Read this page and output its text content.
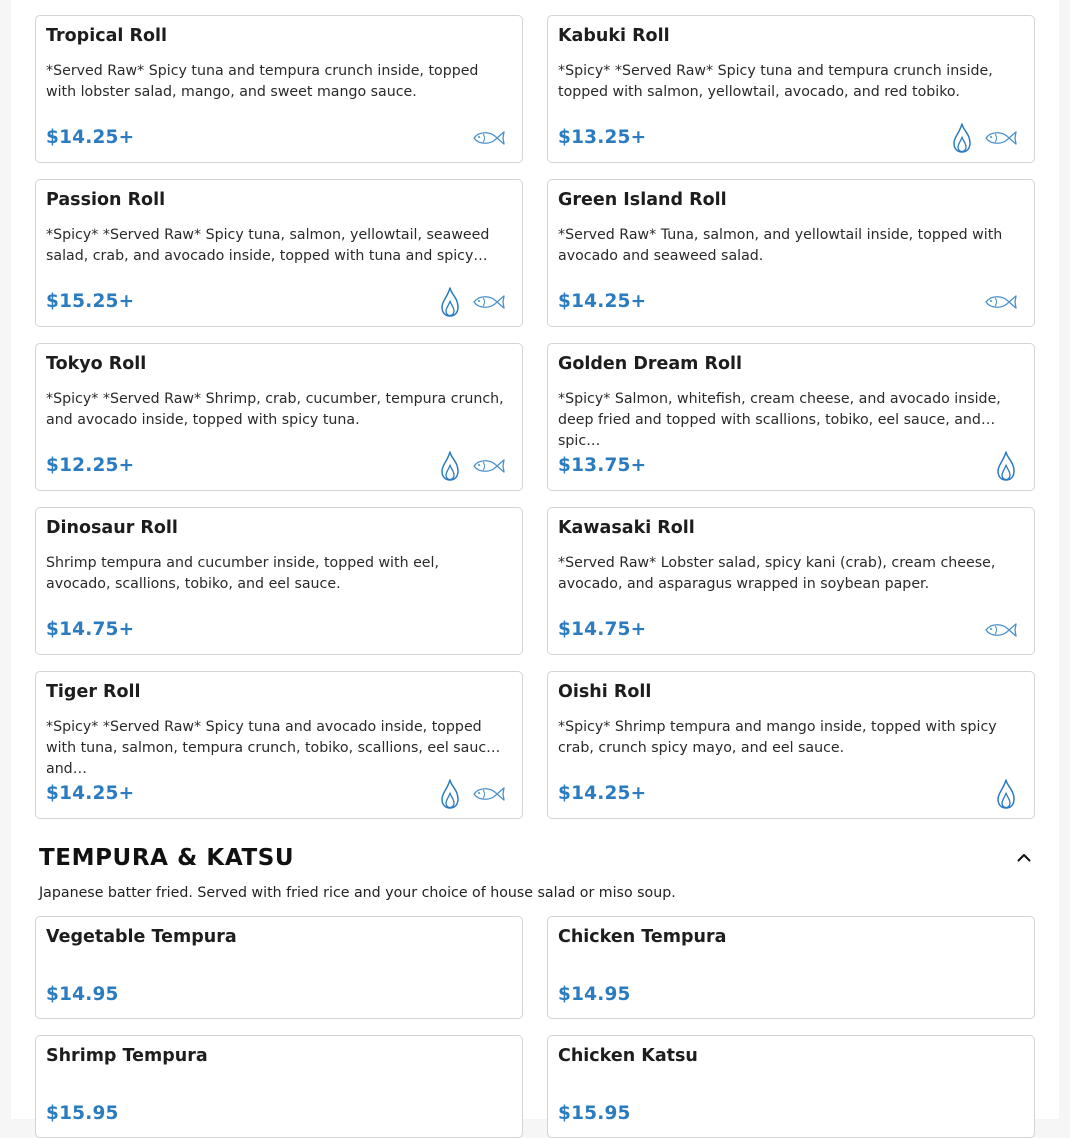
Tropical Roll
*Served Raw* Spicy tuna and tempura crunch inside, topped with lobster salad, mango, and sweet mango sauce.
$14.25+
Kabuki Roll
*Spicy* *Served Raw* Spicy tuna and tempura crunch inside, topped with salmon, yellowtail, avocado, and red tobiko.
$13.25+
Passion Roll
*Spicy* *Served Raw* Spicy tuna, salmon, yellowtail, seaweed salad, crab, and avocado inside, topped with tuna and spicy…
$15.25+
Green Island Roll
*Served Raw* Tuna, salmon, and yellowtail inside, topped with avocado and seaweed salad.
$14.25+
Tokyo Roll
*Spicy* *Served Raw* Shrimp, crab, cucumber, tempura crunch, and avocado inside, topped with spicy tuna.
$12.25+
Golden Dream Roll
*Spicy* Salmon, whitefish, cream cheese, and avocado inside, deep fried and topped with scallions, tobiko, eel sauce, and spic…
$13.75+
Dinosaur Roll
Shrimp tempura and cucumber inside, topped with eel, avocado, scallions, tobiko, and eel sauce.
$14.75+
Kawasaki Roll
*Served Raw* Lobster salad, spicy kani (crab), cream cheese, avocado, and asparagus wrapped in soybean paper.
$14.75+
Tiger Roll
*Spicy* *Served Raw* Spicy tuna and avocado inside, topped with tuna, salmon, tempura crunch, tobiko, scallions, eel sauce, and…
$14.25+
Oishi Roll
*Spicy* Shrimp tempura and mango inside, topped with spicy crab, crunch spicy mayo, and eel sauce.
$14.25+
TEMPURA & KATSU

Japanese batter fried. Served with fried rice and your choice of house salad or miso soup.

Vegetable Tempura
$14.95
Chicken Tempura
$14.95
Shrimp Tempura
$15.95
Chicken Katsu
$15.95
